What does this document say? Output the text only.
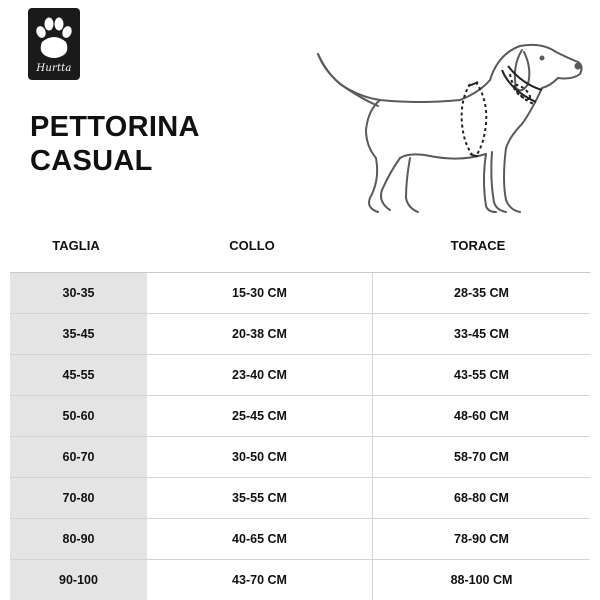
Hurtta
PETTORINA
CASUAL
TAGLIA	COLLO	TORACE
30-35	15-30 CM	28-35 CM
35-45	20-38 CM	33-45 CM
45-55	23-40 CM	43-55 CM
50-60	25-45 CM	48-60 CM
60-70	30-50 CM	58-70 CM
70-80	35-55 CM	68-80 CM
80-90	40-65 CM	78-90 CM
90-100	43-70 CM	88-100 CM
